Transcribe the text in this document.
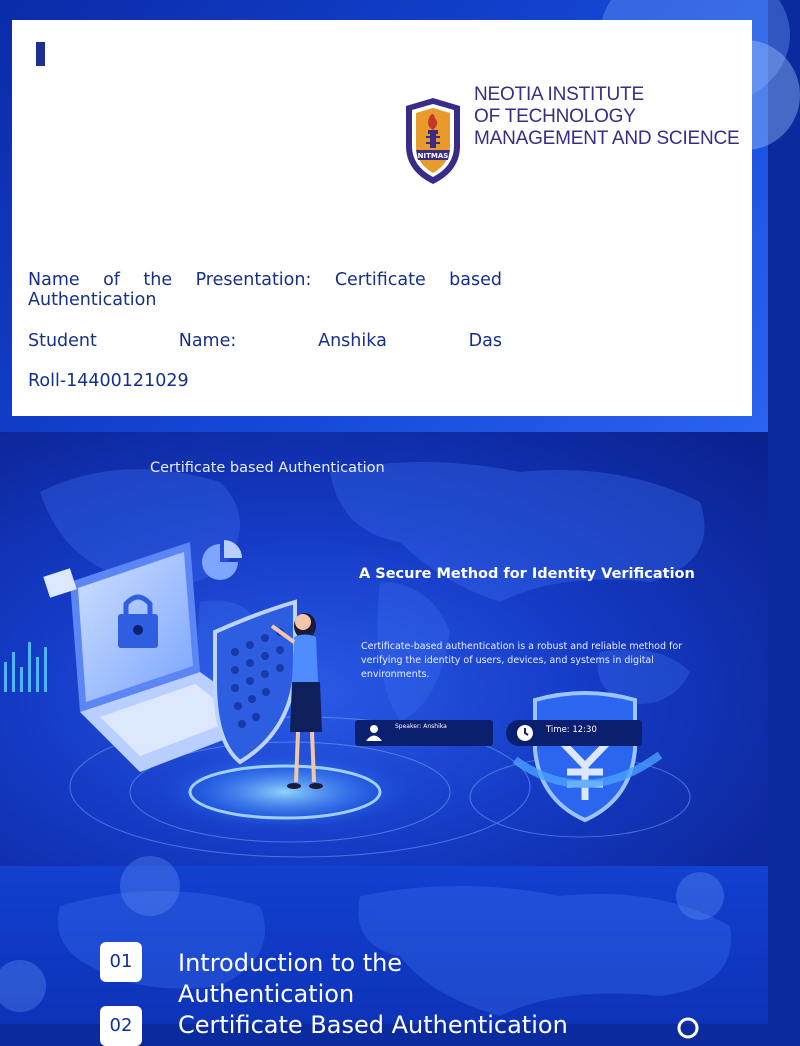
NITMAS
NEOTIA INSTITUTE
OF TECHNOLOGY
MANAGEMENT AND SCIENCE
Name of the Presentation: Certificate based Authentication
Student	Name:	Anshika	Das
Roll-14400121029
Certificate based Authentication
A Secure Method for Identity Verification
Certificate-based authentication is a robust and reliable method for verifying the identity of users, devices, and systems in digital environments.
Speaker: Anshika	Time: 12:30
01	Introduction to the Authentication
02	Certificate Based Authentication
